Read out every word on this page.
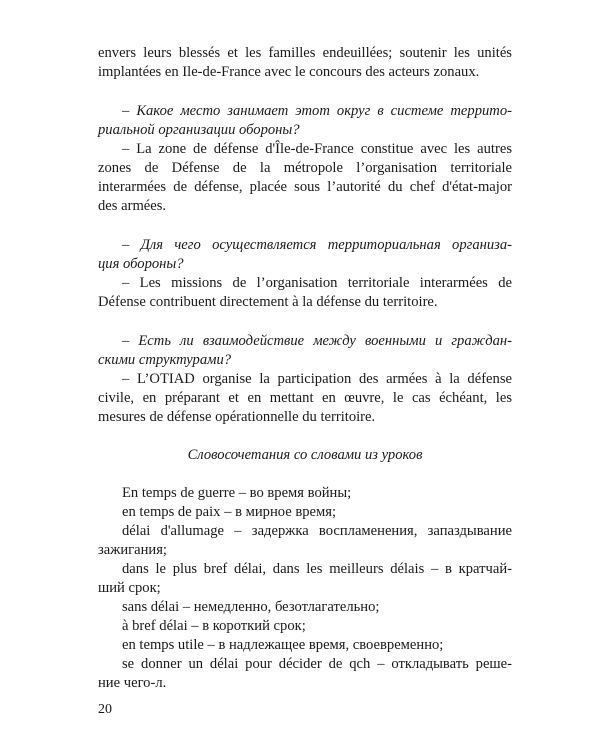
envers leurs blessés et les familles endeuillées; soutenir les unités
implantées en Ile-de-France avec le concours des acteurs zonaux.
– Какое место занимает этот округ в системе террито-
риальной организации обороны?
– La zone de défense d'Île-de-France constitue avec les autres
zones de Défense de la métropole l’organisation territoriale
interarmées de défense, placée sous l’autorité du chef d'état-major
des armées.
– Для чего осуществляется территориальная организа-
ция обороны?
– Les missions de l’organisation territoriale interarmées de
Défense contribuent directement à la défense du territoire.
– Есть ли взаимодействие между военными и граждан-
скими структурами?
– L’OTIAD organise la participation des armées à la défense
civile, en préparant et en mettant en œuvre, le cas échéant, les
mesures de défense opérationnelle du territoire.
Словосочетания со словами из уроков
En temps de guerre – во время войны;
en temps de paix – в мирное время;
délai d'allumage – задержка воспламенения, запаздывание
зажигания;
dans le plus bref délai, dans les meilleurs délais – в кратчай-
ший срок;
sans délai – немедленно, безотлагательно;
à bref délai – в короткий срок;
en temps utile – в надлежащее время, своевременно;
se donner un délai pour décider de qch – откладывать реше-
ние чего-л.
20
